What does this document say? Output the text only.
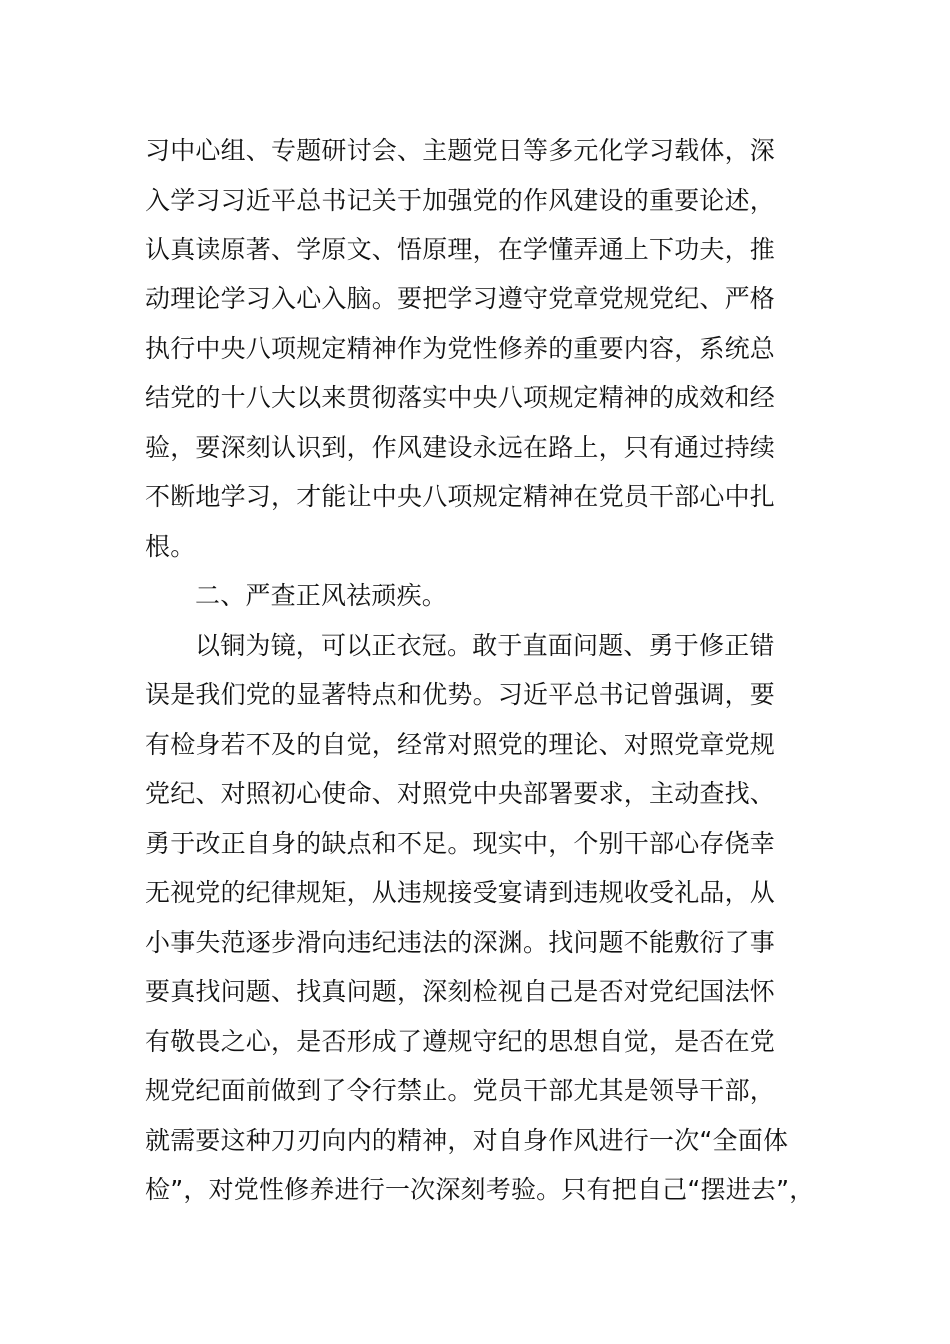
习中心组、专题研讨会、主题党日等多元化学习载体，深
入学习习近平总书记关于加强党的作风建设的重要论述，
认真读原著、学原文、悟原理，在学懂弄通上下功夫，推
动理论学习入心入脑。要把学习遵守党章党规党纪、严格
执行中央八项规定精神作为党性修养的重要内容，系统总
结党的十八大以来贯彻落实中央八项规定精神的成效和经
验，要深刻认识到，作风建设永远在路上，只有通过持续
不断地学习，才能让中央八项规定精神在党员干部心中扎
根。
二、严查正风祛顽疾。
以铜为镜，可以正衣冠。敢于直面问题、勇于修正错
误是我们党的显著特点和优势。习近平总书记曾强调，要
有检身若不及的自觉，经常对照党的理论、对照党章党规
党纪、对照初心使命、对照党中央部署要求，主动查找、
勇于改正自身的缺点和不足。现实中，个别干部心存侥幸
无视党的纪律规矩，从违规接受宴请到违规收受礼品，从
小事失范逐步滑向违纪违法的深渊。找问题不能敷衍了事
要真找问题、找真问题，深刻检视自己是否对党纪国法怀
有敬畏之心，是否形成了遵规守纪的思想自觉，是否在党
规党纪面前做到了令行禁止。党员干部尤其是领导干部，
就需要这种刀刃向内的精神，对自身作风进行一次“全面体
检”，对党性修养进行一次深刻考验。只有把自己“摆进去”，
